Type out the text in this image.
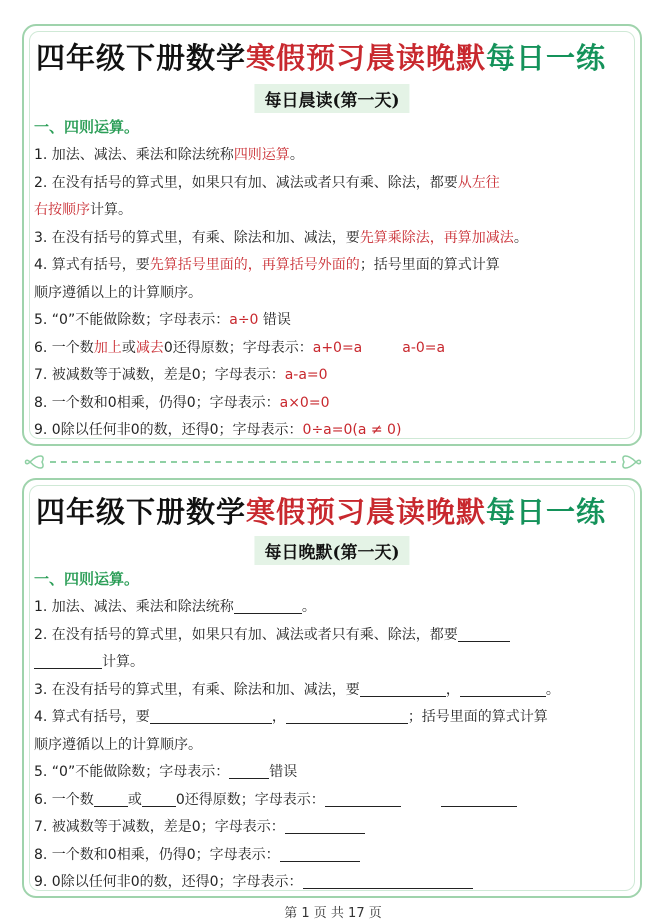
四年级下册数学寒假预习晨读晚默每日一练
每日晨读(第一天)
一、四则运算。
1. 加法、减法、乘法和除法统称四则运算。
2. 在没有括号的算式里，如果只有加、减法或者只有乘、除法，都要从左往
右按顺序计算。
3. 在没有括号的算式里，有乘、除法和加、减法，要先算乘除法，再算加减法。
4. 算式有括号，要先算括号里面的，再算括号外面的；括号里面的算式计算
顺序遵循以上的计算顺序。
5. “0”不能做除数；字母表示：a÷0 错误
6. 一个数加上或减去0还得原数；字母表示：a+0=a	a-0=a
7. 被减数等于减数，差是0；字母表示：a-a=0
8. 一个数和0相乘，仍得0；字母表示：a×0=0
9. 0除以任何非0的数，还得0；字母表示：0÷a=0(a ≠ 0)
四年级下册数学寒假预习晨读晚默每日一练
每日晚默(第一天)
一、四则运算。
1. 加法、减法、乘法和除法统称	。
2. 在没有括号的算式里，如果只有加、减法或者只有乘、除法，都要
计算。
3. 在没有括号的算式里，有乘、除法和加、减法，要	，	。
4. 算式有括号，要	，	；括号里面的算式计算
顺序遵循以上的计算顺序。
5. “0”不能做除数；字母表示：	错误
6. 一个数 或 0还得原数；字母表示：
7. 被减数等于减数，差是0；字母表示：
8. 一个数和0相乘，仍得0；字母表示：
9. 0除以任何非0的数，还得0；字母表示：
第 1 页 共 17 页
